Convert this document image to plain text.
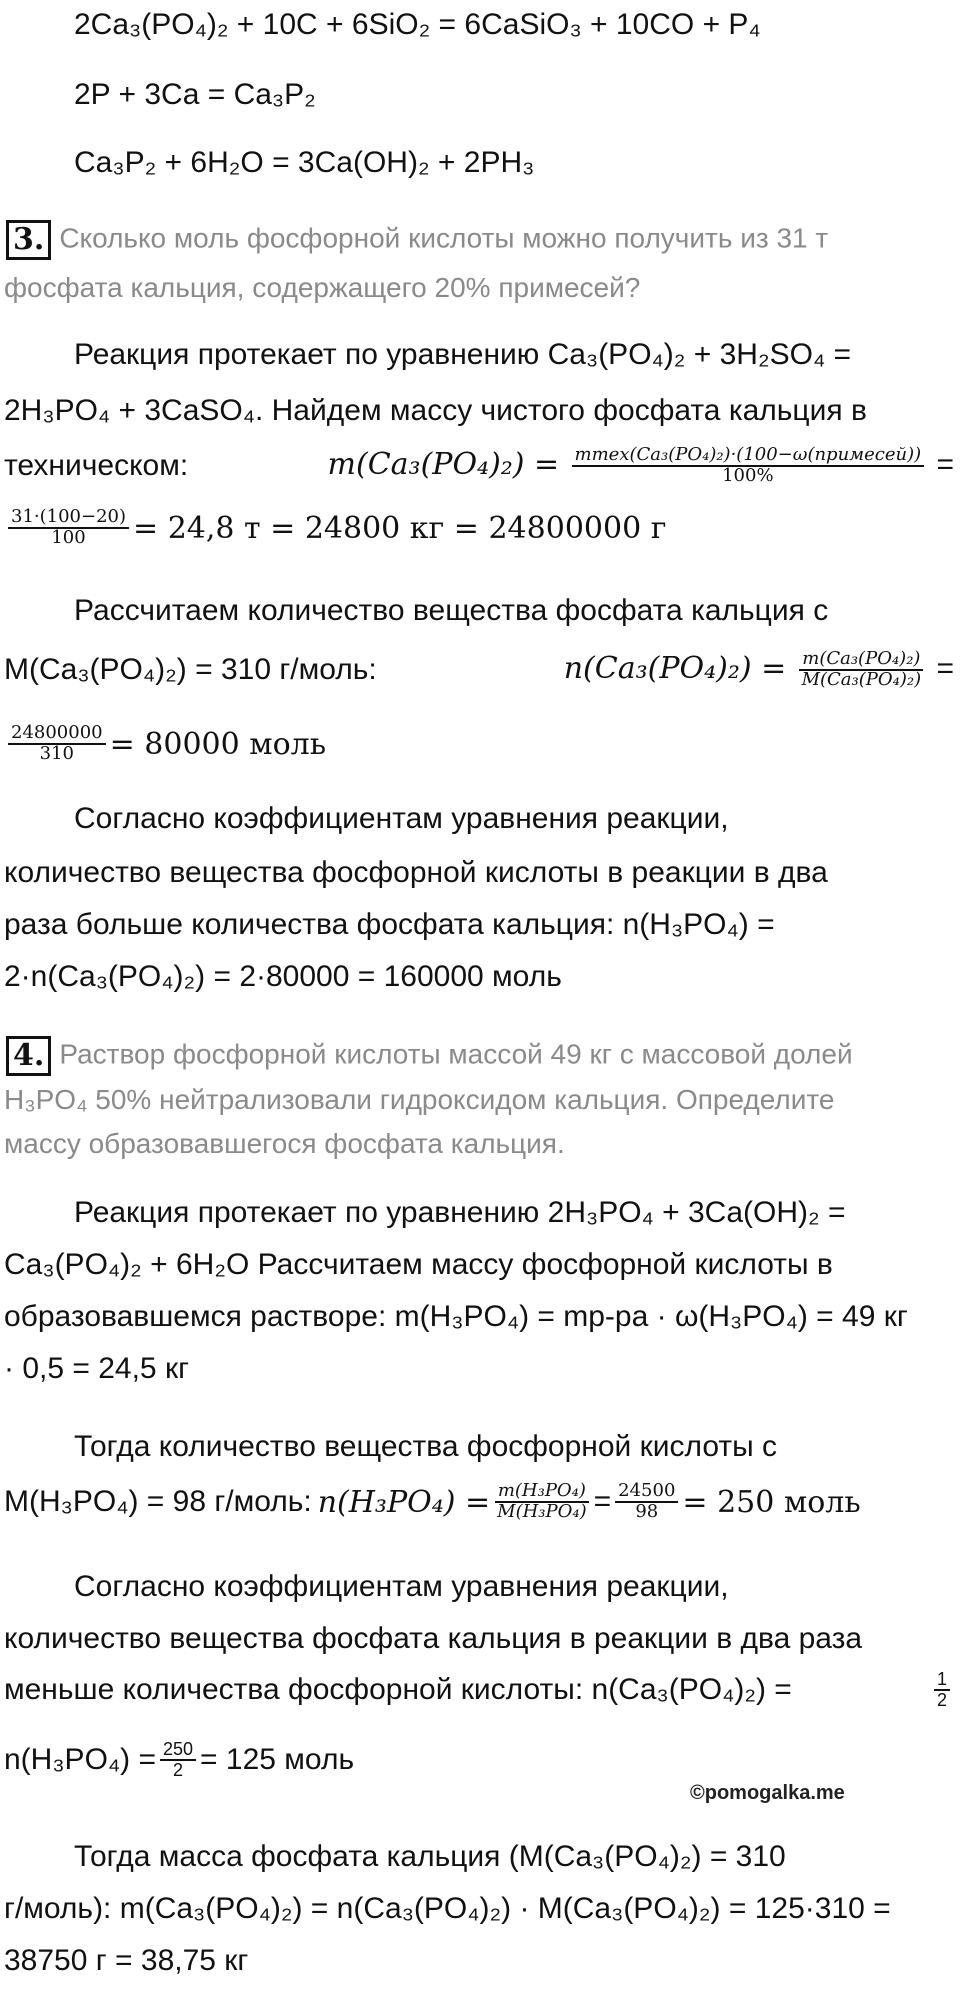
2Ca₃(PO₄)₂ + 10C + 6SiO₂ = 6CaSiO₃ + 10CO + P₄
2P + 3Ca = Ca₃P₂
Ca₃P₂ + 6H₂O = 3Ca(OH)₂ + 2PH₃
3. Сколько моль фосфорной кислоты можно получить из 31 т
фосфата кальция, содержащего 20% примесей?
Реакция протекает по уравнению Ca₃(PO₄)₂ + 3H₂SO₄ =
2H₃PO₄ + 3CaSO₄. Найдем массу чистого фосфата кальция в
техническом:	$m(Ca_3(PO_4)_2) = \frac{\text{mтех(Ca₃(PO₄)₂)·(100−ω(примесей))}}{100\%}$ =
$\frac{31\cdot(100-20)}{100} = 24,8$ т = 24800 кг = 24800000 г
Рассчитаем количество вещества фосфата кальция с
M(Ca₃(PO₄)₂) = 310 г/моль:	$n(Ca_3(PO_4)_2) = \frac{\text{m(Ca₃(PO₄)₂)}}{\text{M(Ca₃(PO₄)₂)}}$ =
$\frac{24800000}{310} = 80000$ моль
Согласно коэффициентам уравнения реакции,
количество вещества фосфорной кислоты в реакции в два
раза больше количества фосфата кальция: n(H₃PO₄) =
2·n(Ca₃(PO₄)₂) = 2·80000 = 160000 моль
4. Раствор фосфорной кислоты массой 49 кг с массовой долей
H₃PO₄ 50% нейтрализовали гидроксидом кальция. Определите
массу образовавшегося фосфата кальция.
Реакция протекает по уравнению 2H₃PO₄ + 3Ca(OH)₂ =
Ca₃(PO₄)₂ + 6H₂O Рассчитаем массу фосфорной кислоты в
образовавшемся растворе: m(H₃PO₄) = mр-ра · ω(H₃PO₄) = 49 кг
· 0,5 = 24,5 кг
Тогда количество вещества фосфорной кислоты с
M(H₃PO₄) = 98 г/моль: $n(H_3PO_4) = \frac{\text{m(H₃PO₄)}}{\text{M(H₃PO₄)}} = \frac{24500}{98} = 250$ моль
Согласно коэффициентам уравнения реакции,
количество вещества фосфата кальция в реакции в два раза
меньше количества фосфорной кислоты: n(Ca₃(PO₄)₂) =	$\frac{1}{2}$
$n(H_3PO_4) = \frac{250}{2} = 125$ моль
©pomogalka.me
Тогда масса фосфата кальция (M(Ca₃(PO₄)₂) = 310
г/моль): m(Ca₃(PO₄)₂) = n(Ca₃(PO₄)₂) · M(Ca₃(PO₄)₂) = 125·310 =
38750 г = 38,75 кг
